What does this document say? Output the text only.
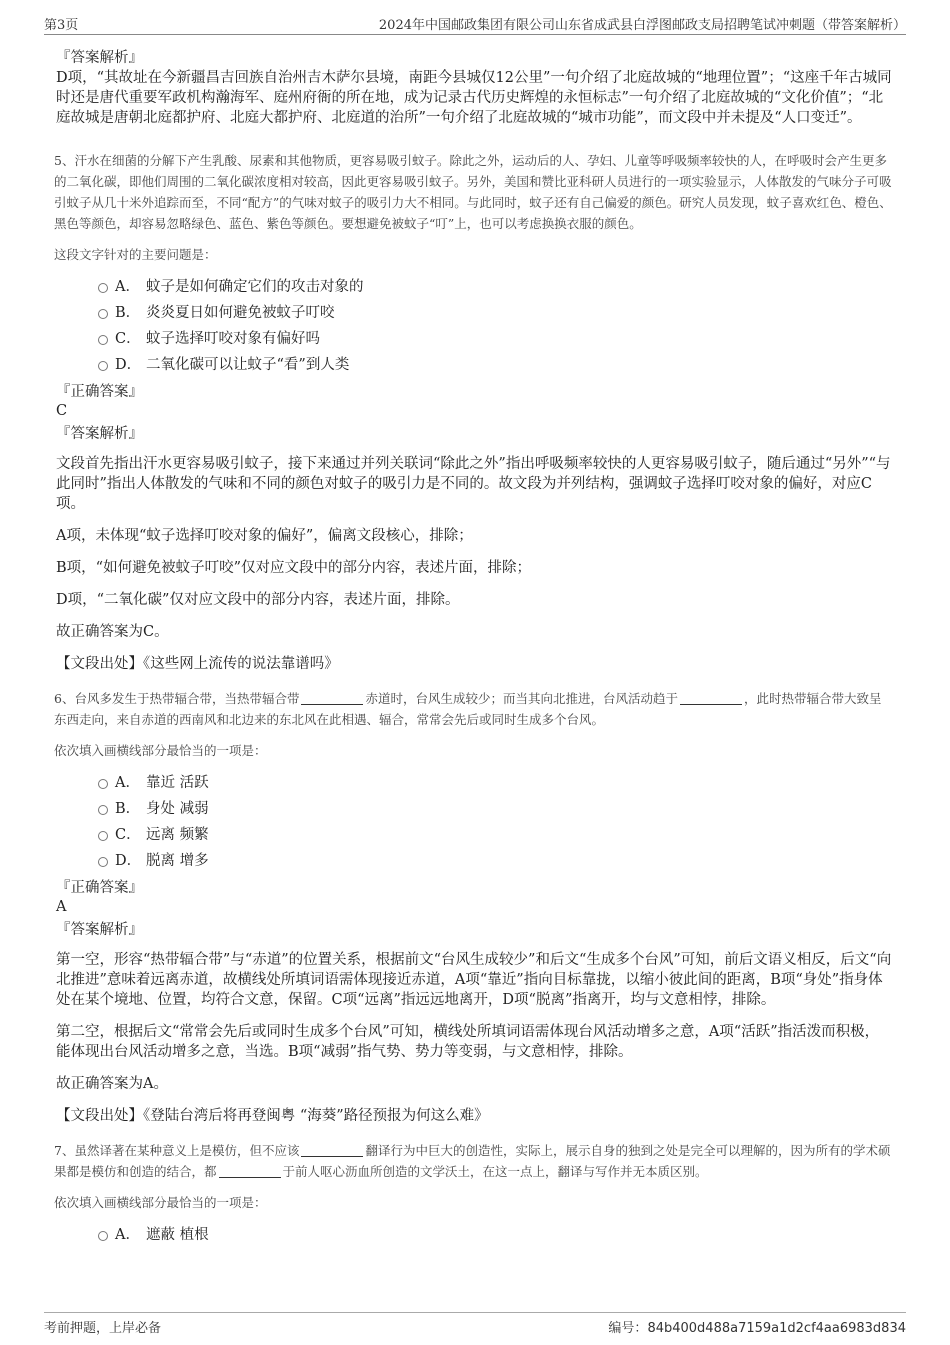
第3页	2024年中国邮政集团有限公司山东省成武县白浮图邮政支局招聘笔试冲刺题（带答案解析）

『答案解析』

D项，“其故址在今新疆昌吉回族自治州吉木萨尔县境，南距今县城仅12公里”一句介绍了北庭故城的“地理位置”；“这座千年古城同时还是唐代重要军政机构瀚海军、庭州府衙的所在地，成为记录古代历史辉煌的永恒标志”一句介绍了北庭故城的“文化价值”；“北庭故城是唐朝北庭都护府、北庭大都护府、北庭道的治所”一句介绍了北庭故城的“城市功能”，而文段中并未提及“人口变迁”。

5、汗水在细菌的分解下产生乳酸、尿素和其他物质，更容易吸引蚊子。除此之外，运动后的人、孕妇、儿童等呼吸频率较快的人，在呼吸时会产生更多的二氧化碳，即他们周围的二氧化碳浓度相对较高，因此更容易吸引蚊子。另外，美国和赞比亚科研人员进行的一项实验显示，人体散发的气味分子可吸引蚊子从几十米外追踪而至，不同“配方”的气味对蚊子的吸引力大不相同。与此同时，蚊子还有自己偏爱的颜色。研究人员发现，蚊子喜欢红色、橙色、黑色等颜色，却容易忽略绿色、蓝色、紫色等颜色。要想避免被蚊子“叮”上，也可以考虑换换衣服的颜色。

这段文字针对的主要问题是：

A． 蚊子是如何确定它们的攻击对象的
B． 炎炎夏日如何避免被蚊子叮咬
C． 蚊子选择叮咬对象有偏好吗
D． 二氧化碳可以让蚊子“看”到人类

『正确答案』

C

『答案解析』

文段首先指出汗水更容易吸引蚊子，接下来通过并列关联词“除此之外”指出呼吸频率较快的人更容易吸引蚊子，随后通过“另外”“与此同时”指出人体散发的气味和不同的颜色对蚊子的吸引力是不同的。故文段为并列结构，强调蚊子选择叮咬对象的偏好，对应C项。

A项，未体现“蚊子选择叮咬对象的偏好”，偏离文段核心，排除；

B项，“如何避免被蚊子叮咬”仅对应文段中的部分内容，表述片面，排除；

D项，“二氧化碳”仅对应文段中的部分内容，表述片面，排除。

故正确答案为C。

【文段出处】《这些网上流传的说法靠谱吗》

6、台风多发生于热带辐合带，当热带辐合带	赤道时，台风生成较少；而当其向北推进，台风活动趋于	，此时热带辐合带大致呈东西走向，来自赤道的西南风和北边来的东北风在此相遇、辐合，常常会先后或同时生成多个台风。

依次填入画横线部分最恰当的一项是：

A． 靠近 活跃
B． 身处 减弱
C． 远离 频繁
D． 脱离 增多

『正确答案』

A

『答案解析』

第一空，形容“热带辐合带”与“赤道”的位置关系，根据前文“台风生成较少”和后文“生成多个台风”可知，前后文语义相反，后文“向北推进”意味着远离赤道，故横线处所填词语需体现接近赤道，A项“靠近”指向目标靠拢，以缩小彼此间的距离，B项“身处”指身体处在某个境地、位置，均符合文意，保留。C项“远离”指远远地离开，D项“脱离”指离开，均与文意相悖，排除。

第二空，根据后文“常常会先后或同时生成多个台风”可知，横线处所填词语需体现台风活动增多之意，A项“活跃”指活泼而积极，能体现出台风活动增多之意，当选。B项“减弱”指气势、势力等变弱，与文意相悖，排除。

故正确答案为A。

【文段出处】《登陆台湾后将再登闽粤 “海葵”路径预报为何这么难》

7、虽然译著在某种意义上是模仿，但不应该	翻译行为中巨大的创造性，实际上，展示自身的独到之处是完全可以理解的，因为所有的学术硕果都是模仿和创造的结合，都	于前人呕心沥血所创造的文学沃土，在这一点上，翻译与写作并无本质区别。

依次填入画横线部分最恰当的一项是：

A． 遮蔽 植根
考前押题，上岸必备	编号：84b400d488a7159a1d2cf4aa6983d834
